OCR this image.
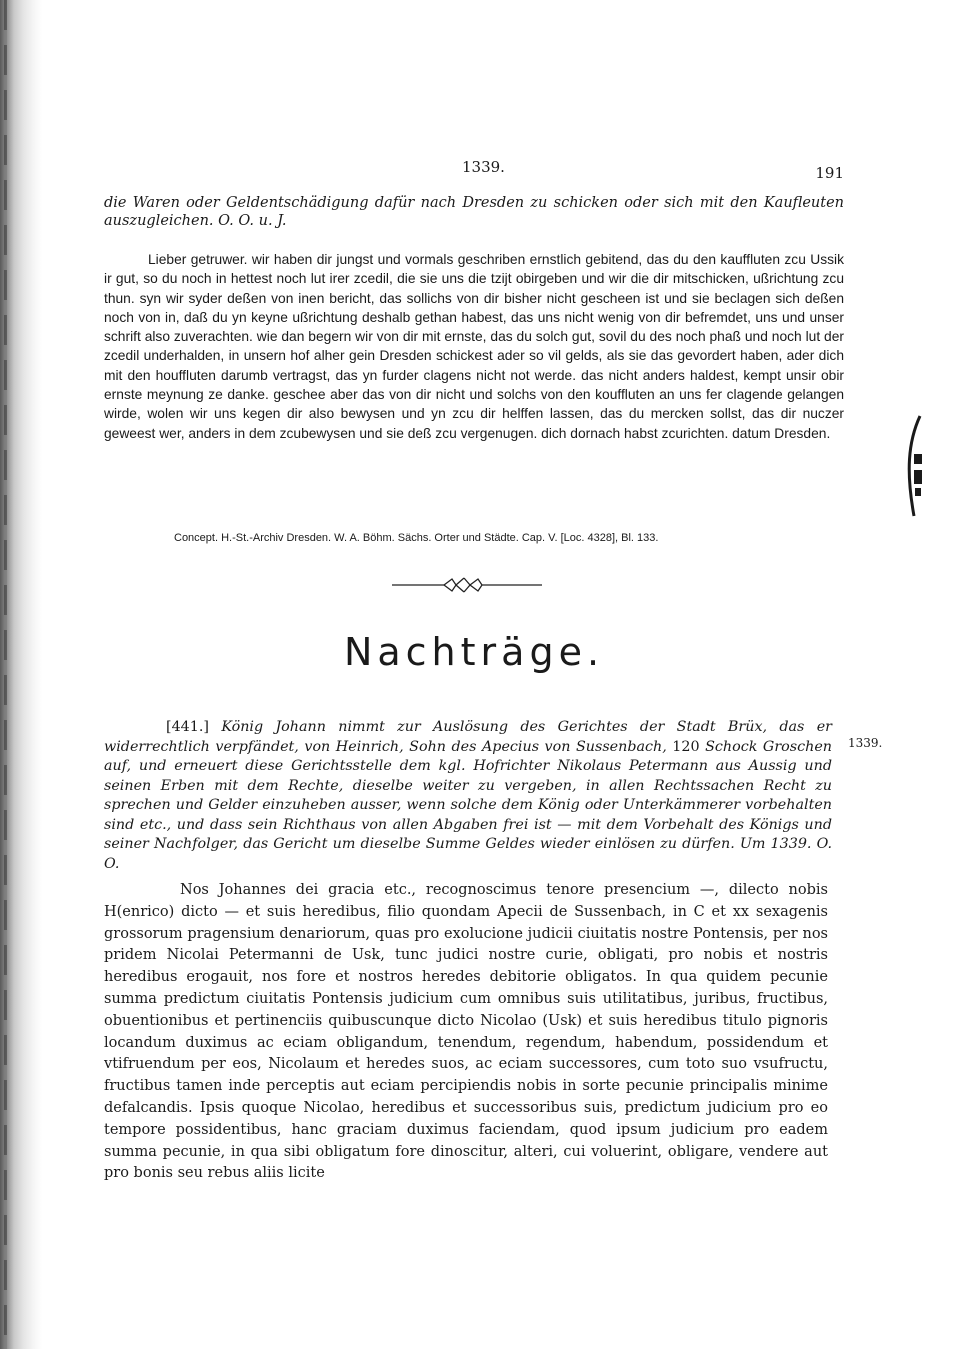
1339.	191
die Waren oder Geldentschädigung dafür nach Dresden zu schicken oder sich mit den Kaufleuten auszugleichen. O. O. u. J.

Lieber getruwer. wir haben dir jungst und vormals geschriben ernstlich gebitend, das du den kauffluten zcu Ussik ir gut, so du noch in hettest noch lut irer zcedil, die sie uns die tzijt obirgeben und wir die dir mitschicken, ußrichtung zcu thun. syn wir syder deßen von inen bericht, das sollichs von dir bisher nicht gescheen ist und sie beclagen sich deßen noch von in, daß du yn keyne ußrichtung deshalb gethan habest, das uns nicht wenig von dir befremdet, uns und unser schrift also zuverachten. wie dan begern wir von dir mit ernste, das du solch gut, sovil du des noch phaß und noch lut der zcedil underhalden, in unsern hof alher gein Dresden schickest ader so vil gelds, als sie das gevordert haben, ader dich mit den houffluten darumb vertragst, das yn furder clagens nicht not werde. das nicht anders haldest, kempt unsir obir ernste meynung ze danke. geschee aber das von dir nicht und solchs von den kouffluten an uns fer clagende gelangen wirde, wolen wir uns kegen dir also bewysen und yn zcu dir helffen lassen, das du mercken sollst, das dir nuczer geweest wer, anders in dem zcubewysen und sie deß zcu vergenugen. dich dornach habst zcurichten. datum Dresden.

Concept. H.-St.-Archiv Dresden. W. A. Böhm. Sächs. Orter und Städte. Cap. V. [Loc. 4328], Bl. 133.
Nachträge.
1339.
[441.] König Johann nimmt zur Auslösung des Gerichtes der Stadt Brüx, das er widerrechtlich verpfändet, von Heinrich, Sohn des Apecius von Sussenbach, 120 Schock Groschen auf, und erneuert diese Gerichtsstelle dem kgl. Hofrichter Nikolaus Petermann aus Aussig und seinen Erben mit dem Rechte, dieselbe weiter zu vergeben, in allen Rechtssachen Recht zu sprechen und Gelder einzuheben ausser, wenn solche dem König oder Unterkämmerer vorbehalten sind etc., und dass sein Richthaus von allen Abgaben frei ist — mit dem Vorbehalt des Königs und seiner Nachfolger, das Gericht um dieselbe Summe Geldes wieder einlösen zu dürfen. Um 1339. O. O.

Nos Johannes dei gracia etc., recognoscimus tenore presencium —, dilecto nobis H(enrico) dicto — et suis heredibus, filio quondam Apecii de Sussenbach, in C et xx sexagenis grossorum pragensium denariorum, quas pro exolucione judicii ciuitatis nostre Pontensis, per nos pridem Nicolai Petermanni de Usk, tunc judici nostre curie, obligati, pro nobis et nostris heredibus erogauit, nos fore et nostros heredes debitorie obligatos. In qua quidem pecunie summa predictum ciuitatis Pontensis judicium cum omnibus suis utilitatibus, juribus, fructibus, obuentionibus et pertinenciis quibuscunque dicto Nicolao (Usk) et suis heredibus titulo pignoris locandum duximus ac eciam obligandum, tenendum, regendum, habendum, possidendum et vtifruendum per eos, Nicolaum et heredes suos, ac eciam successores, cum toto suo vsufructu, fructibus tamen inde perceptis aut eciam percipiendis nobis in sorte pecunie principalis minime defalcandis. Ipsis quoque Nicolao, heredibus et successoribus suis, predictum judicium pro eo tempore possidentibus, hanc graciam duximus faciendam, quod ipsum judicium pro eadem summa pecunie, in qua sibi obligatum fore dinoscitur, alteri, cui voluerint, obligare, vendere aut pro bonis seu rebus aliis licite
